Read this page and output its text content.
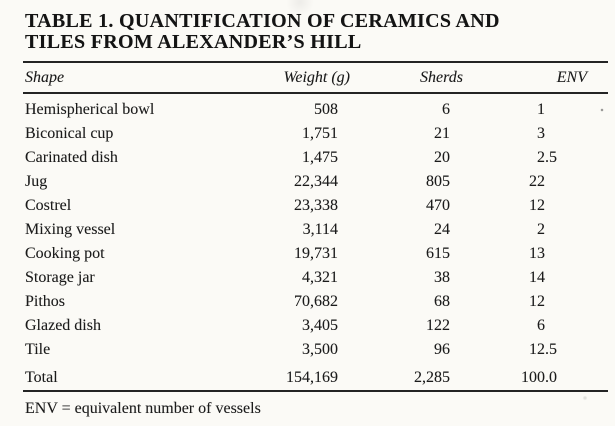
TABLE 1. QUANTIFICATION OF CERAMICS AND
TILES FROM ALEXANDER’S HILL
Shape	Weight (g)	Sherds	ENV
Hemispherical bowl	508	6	1
Biconical cup	1,751	21	3
Carinated dish	1,475	20	2.5
Jug	22,344	805	22
Costrel	23,338	470	12
Mixing vessel	3,114	24	2
Cooking pot	19,731	615	13
Storage jar	4,321	38	14
Pithos	70,682	68	12
Glazed dish	3,405	122	6
Tile	3,500	96	12.5
Total	154,169	2,285	100.0

ENV = equivalent number of vessels
